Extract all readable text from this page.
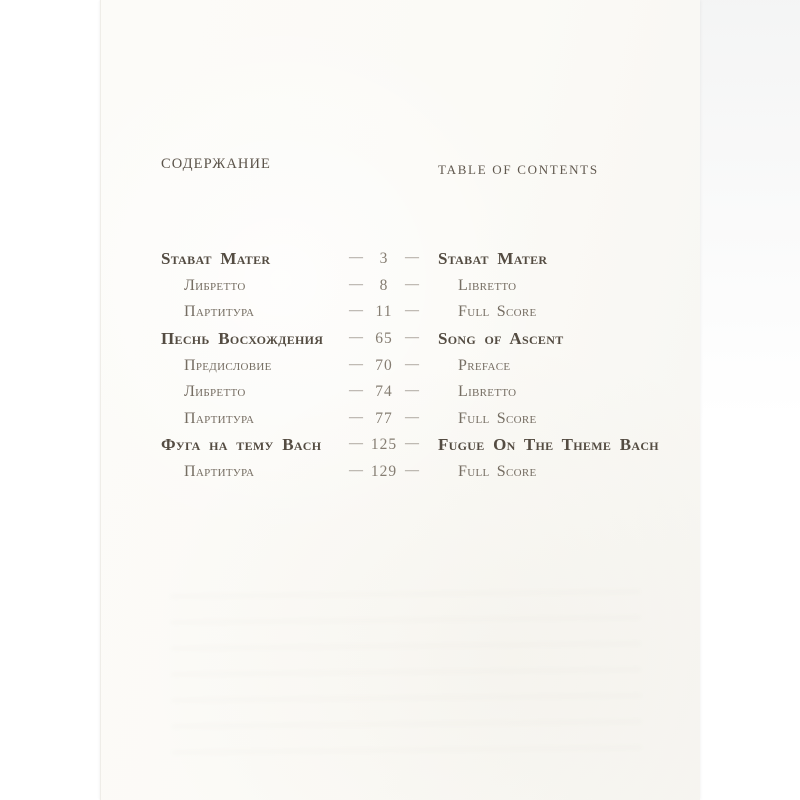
СОДЕРЖАНИЕ	TABLE OF CONTENTS
Stabat Mater	— 3 —	Stabat Mater
Либретто	— 8 —	Libretto
Партитура	— 11 —	Full Score
Песнь Восхождения	— 65 —	Song of Ascent
Предисловие	— 70 —	Preface
Либретто	— 74 —	Libretto
Партитура	— 77 —	Full Score
Фуга на тему Bach	— 125 —	Fugue On The Theme Bach
Партитура	— 129 —	Full Score
